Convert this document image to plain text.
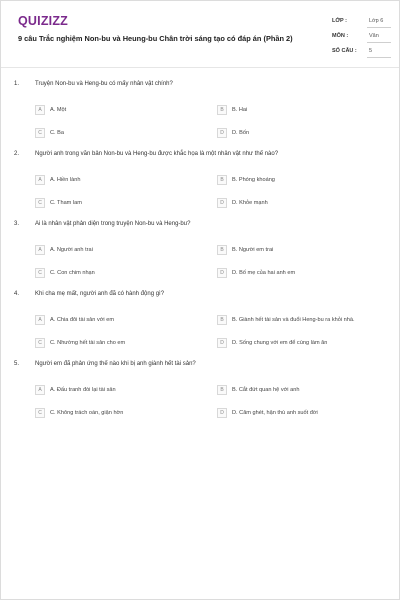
QUIZIZZ
9 câu Trắc nghiệm Non-bu và Heung-bu Chân trời sáng tạo có đáp án (Phần 2)
LỚP :	Lớp 6
MÔN :	Văn
SỐ CÂU :	5
1.	Truyện Non-bu và Heng-bu có mấy nhân vật chính?
A	A. Một	B	B. Hai
C	C. Ba	D	D. Bốn
2.	Người anh trong văn bản Non-bu và Heng-bu được khắc họa là một nhân vật như thế nào?
A	A. Hiền lành	B	B. Phóng khoáng
C	C. Tham lam	D	D. Khỏe mạnh
3.	Ai là nhân vật phản diện trong truyện Non-bu và Heng-bu?
A	A. Người anh trai	B	B. Người em trai
C	C. Con chim nhạn	D	D. Bố mẹ của hai anh em
4.	Khi cha mẹ mất, người anh đã có hành động gì?
A	A. Chia đôi tài sản với em	B	B. Giành hết tài sản và đuổi Heng-bu ra khỏi nhà.
C	C. Nhường hết tài sản cho em	D	D. Sống chung với em để cùng làm ăn
5.	Người em đã phản ứng thế nào khi bị anh giành hết tài sản?
A	A. Đấu tranh đòi lại tài sản	B	B. Cắt đứt quan hệ với anh
C	C. Không trách oán, giận hờn	D	D. Căm ghét, hận thù anh suốt đời
